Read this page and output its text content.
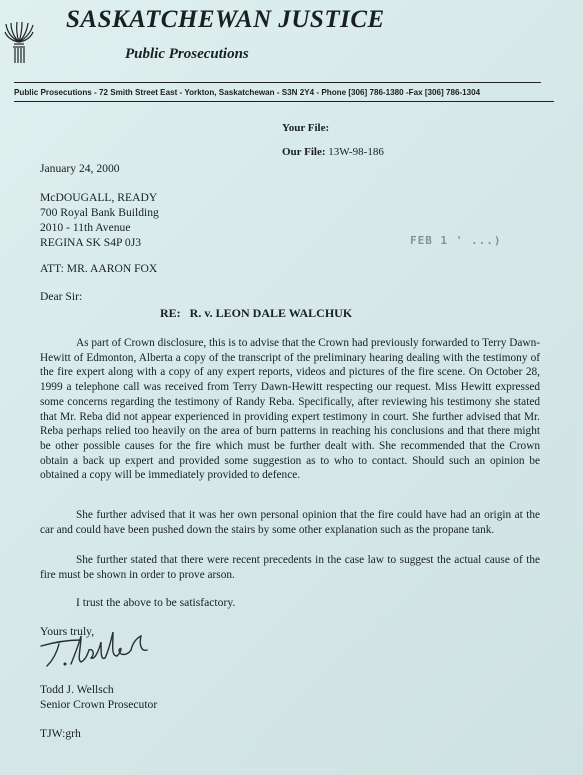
SASKATCHEWAN JUSTICE
Public Prosecutions
Public Prosecutions - 72 Smith Street East - Yorkton, Saskatchewan - S3N 2Y4 - Phone [306] 786-1380 -Fax [306] 786-1304
Your File:
Our File: 13W-98-186
January 24, 2000
McDOUGALL, READY
700 Royal Bank Building
2010 - 11th Avenue
REGINA SK S4P 0J3	FEB 1 ' ...)
ATT: MR. AARON FOX
Dear Sir:
RE: R. v. LEON DALE WALCHUK
As part of Crown disclosure, this is to advise that the Crown had previously forwarded to Terry Dawn-Hewitt of Edmonton, Alberta a copy of the transcript of the preliminary hearing dealing with the testimony of the fire expert along with a copy of any expert reports, videos and pictures of the fire scene. On October 28, 1999 a telephone call was received from Terry Dawn-Hewitt respecting our request. Miss Hewitt expressed some concerns regarding the testimony of Randy Reba. Specifically, after reviewing his testimony she stated that Mr. Reba did not appear experienced in providing expert testimony in court. She further advised that Mr. Reba perhaps relied too heavily on the area of burn patterns in reaching his conclusions and that there might be other possible causes for the fire which must be further dealt with. She recommended that the Crown obtain a back up expert and provided some suggestion as to who to contact. Should such an opinion be obtained a copy will be immediately provided to defence.
She further advised that it was her own personal opinion that the fire could have had an origin at the car and could have been pushed down the stairs by some other explanation such as the propane tank.
She further stated that there were recent precedents in the case law to suggest the actual cause of the fire must be shown in order to prove arson.
I trust the above to be satisfactory.
Yours truly,
Todd J. Wellsch
Senior Crown Prosecutor
TJW:grh
